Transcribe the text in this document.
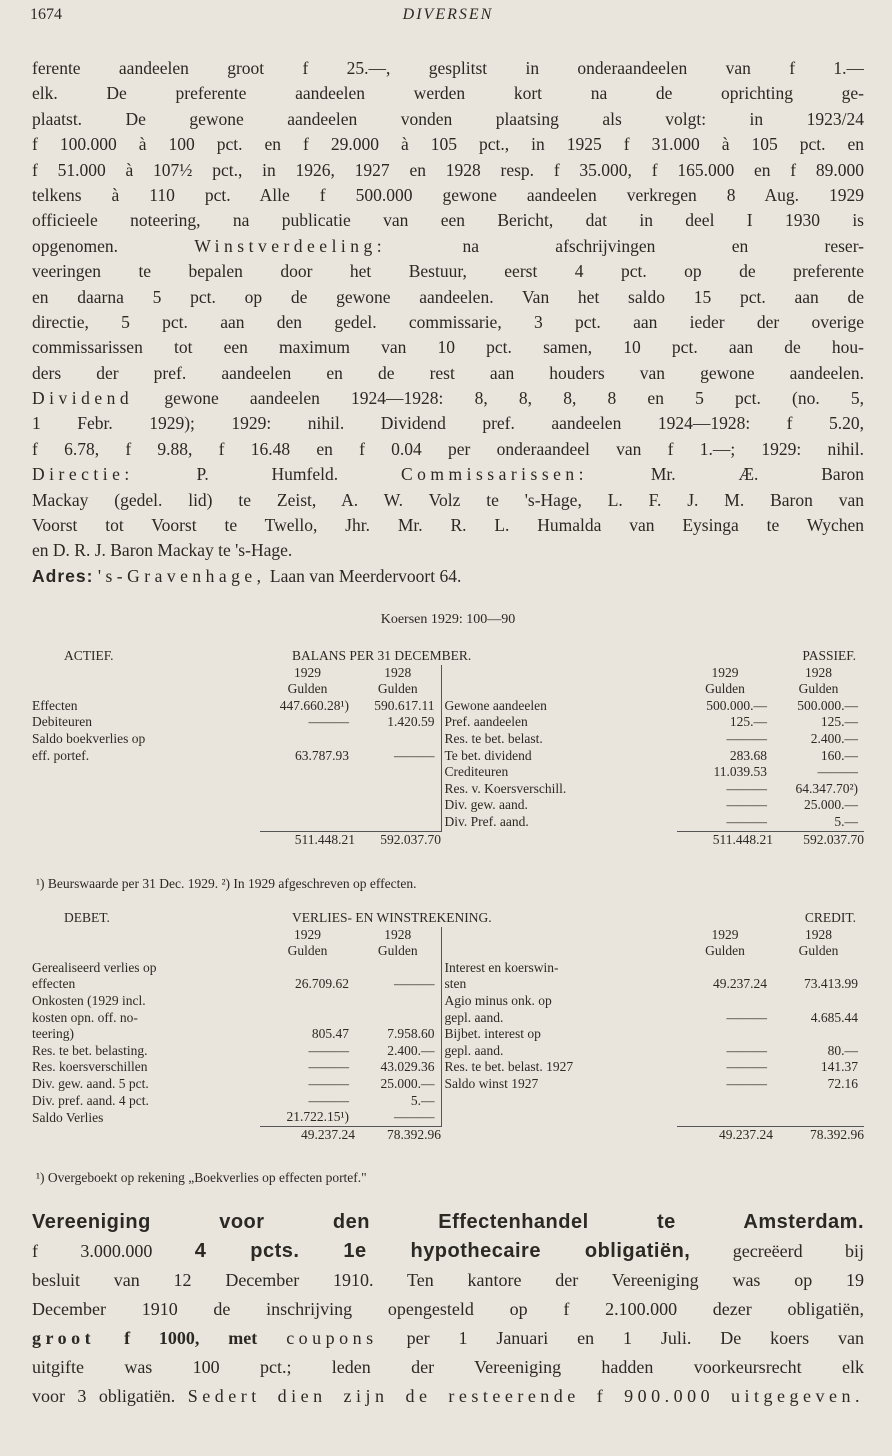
1674	DIVERSEN
ferente aandeelen groot f 25.—, gesplitst in onderaandeelen van f 1.—
elk. De preferente aandeelen werden kort na de oprichting ge-
plaatst. De gewone aandeelen vonden plaatsing als volgt: in 1923/24
f 100.000 à 100 pct. en f 29.000 à 105 pct., in 1925 f 31.000 à 105 pct. en
f 51.000 à 107½ pct., in 1926, 1927 en 1928 resp. f 35.000, f 165.000 en f 89.000
telkens à 110 pct. Alle f 500.000 gewone aandeelen verkregen 8 Aug. 1929
officieele noteering, na publicatie van een Bericht, dat in deel I 1930 is
opgenomen.	Winstverdeeling:	na afschrijvingen en reser-
veeringen te bepalen door het Bestuur, eerst 4 pct. op de preferente
en daarna 5 pct. op de gewone aandeelen. Van het saldo 15 pct. aan de
directie, 5 pct. aan den gedel. commissarie, 3 pct. aan ieder der overige
commissarissen tot een maximum van 10 pct. samen, 10 pct. aan de hou-
ders der pref. aandeelen en de rest aan houders van gewone aandeelen.
Dividend gewone aandeelen 1924—1928: 8, 8, 8, 8 en 5 pct. (no. 5,
1 Febr. 1929); 1929: nihil. Dividend pref. aandeelen 1924—1928: f 5.20,
f 6.78, f 9.88, f 16.48 en f 0.04 per onderaandeel van f 1.—; 1929: nihil.
Directie:	P. Humfeld.	Commissarissen:	Mr. Æ. Baron
Mackay (gedel. lid) te Zeist, A. W. Volz te 's-Hage, L. F. J. M. Baron van
Voorst tot Voorst te Twello, Jhr. Mr. R. L. Humalda van Eysinga te Wychen
en D. R. J. Baron Mackay te 's-Hage.
Adres: 's-Gravenhage, Laan van Meerdervoort 64.
Koersen 1929: 100—90
ACTIEF.	BALANS PER 31 DECEMBER.				PASSIEF.
	1929	1928		1929	1928
	Gulden	Gulden		Gulden	Gulden
Effecten	447.660.28¹)	590.617.11	Gewone aandeelen	500.000.—	500.000.—
Debiteuren	———	1.420.59	Pref. aandeelen	125.—	125.—
Saldo boekverlies op			Res. te bet. belast.	———	2.400.—
eff. portef.	63.787.93	———	Te bet. dividend	283.68	160.—
			Crediteuren	11.039.53	———
			Res. v. Koersverschill.	———	64.347.70²)
			Div. gew. aand.	———	25.000.—
			Div. Pref. aand.	———	5.—
	511.448.21	592.037.70		511.448.21	592.037.70
¹) Beurswaarde per 31 Dec. 1929. ²) In 1929 afgeschreven op effecten.
DEBET.	VERLIES- EN WINSTREKENING.				CREDIT.
	1929	1928		1929	1928
	Gulden	Gulden		Gulden	Gulden
Gerealiseerd verlies op			Interest en koerswin-		
effecten	26.709.62	———	sten	49.237.24	73.413.99
Onkosten (1929 incl.			Agio minus onk. op		
kosten opn. off. no-			gepl. aand.	———	4.685.44
teering)	805.47	7.958.60	Bijbet. interest op		
Res. te bet. belasting.	———	2.400.—	gepl. aand.	———	80.—
Res. koersverschillen	———	43.029.36	Res. te bet. belast. 1927	———	141.37
Div. gew. aand. 5 pct.	———	25.000.—	Saldo winst 1927	———	72.16
Div. pref. aand. 4 pct.	———	5.—			
Saldo Verlies	21.722.15¹)	———			
	49.237.24	78.392.96		49.237.24	78.392.96
¹) Overgeboekt op rekening „Boekverlies op effecten portef."
Vereeniging voor den Effectenhandel te Amsterdam.
f 3.000.000 4 pcts. 1e hypothecaire obligatiën, gecreëerd bij
besluit van 12 December 1910. Ten kantore der Vereeniging was op 19
December 1910 de inschrijving opengesteld op f 2.100.000 dezer obligatiën,
groot f 1000, met coupons per 1 Januari en 1 Juli. De koers van
uitgifte was 100 pct.; leden der Vereeniging hadden voorkeursrecht elk
voor 3 obligatiën. Sedert dien zijn de resteerende f 900.000 uitgegeven.
